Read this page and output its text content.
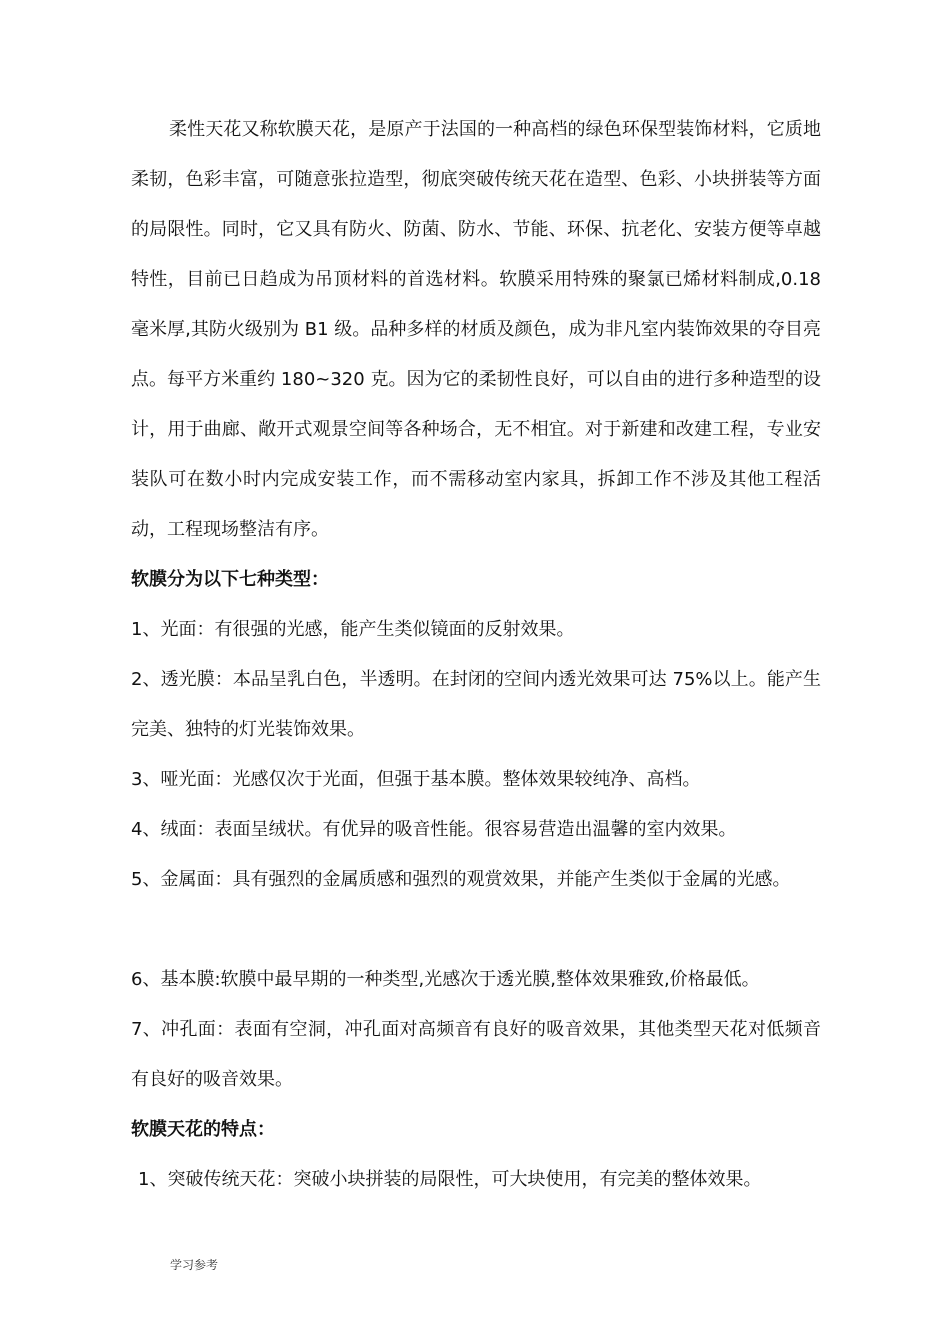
柔性天花又称软膜天花，是原产于法国的一种高档的绿色环保型装饰材料，它质地柔韧，色彩丰富，可随意张拉造型，彻底突破传统天花在造型、色彩、小块拼装等方面的局限性。同时，它又具有防火、防菌、防水、节能、环保、抗老化、安装方便等卓越特性，目前已日趋成为吊顶材料的首选材料。软膜采用特殊的聚氯已烯材料制成,0.18 毫米厚,其防火级别为 B1 级。品种多样的材质及颜色，成为非凡室内装饰效果的夺目亮点。每平方米重约 180~320 克。因为它的柔韧性良好，可以自由的进行多种造型的设计，用于曲廊、敞开式观景空间等各种场合，无不相宜。对于新建和改建工程，专业安装队可在数小时内完成安装工作，而不需移动室内家具，拆卸工作不涉及其他工程活动，工程现场整洁有序。

软膜分为以下七种类型：

1、光面：有很强的光感，能产生类似镜面的反射效果。

2、透光膜：本品呈乳白色，半透明。在封闭的空间内透光效果可达 75%以上。能产生完美、独特的灯光装饰效果。

3、哑光面：光感仅次于光面，但强于基本膜。整体效果较纯净、高档。

4、绒面：表面呈绒状。有优异的吸音性能。很容易营造出温馨的室内效果。

5、金属面：具有强烈的金属质感和强烈的观赏效果，并能产生类似于金属的光感。

6、基本膜:软膜中最早期的一种类型,光感次于透光膜,整体效果雅致,价格最低。

7、冲孔面：表面有空洞，冲孔面对高频音有良好的吸音效果，其他类型天花对低频音有良好的吸音效果。

软膜天花的特点：

1、突破传统天花：突破小块拼装的局限性，可大块使用，有完美的整体效果。

学习参考
